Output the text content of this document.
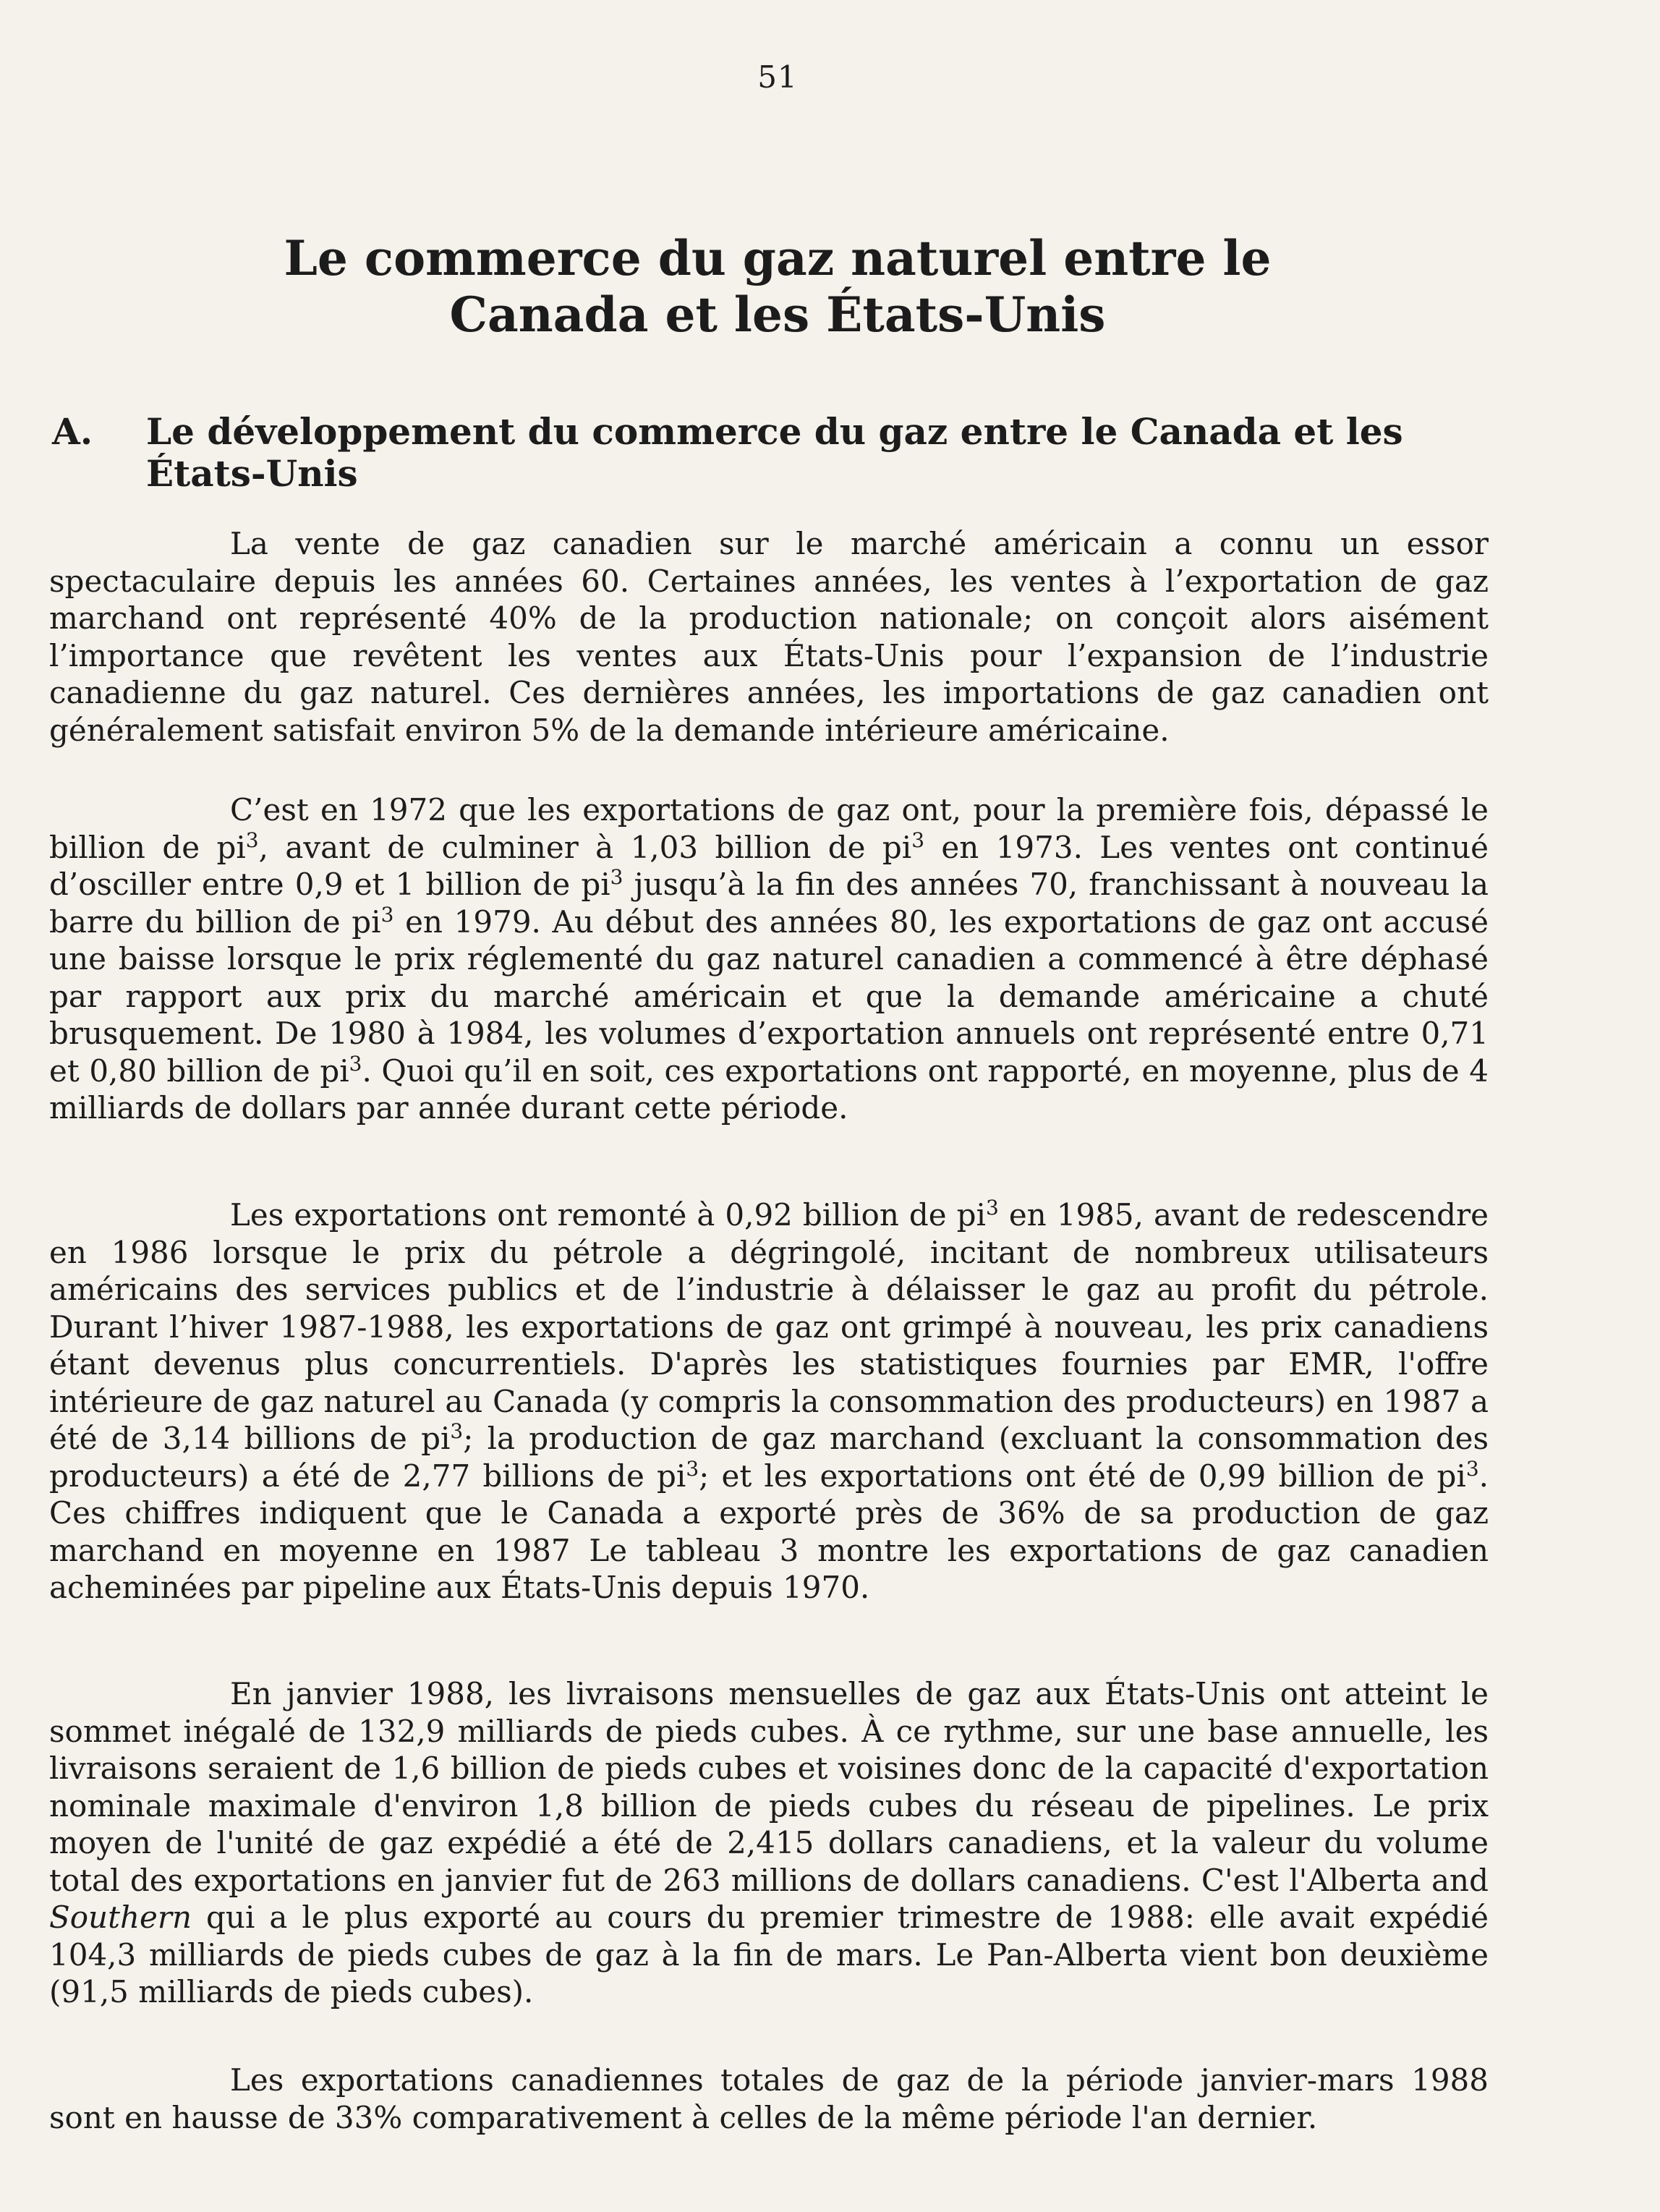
51
Le commerce du gaz naturel entre le
Canada et les États-Unis
A.	Le développement du commerce du gaz entre le Canada et les États-Unis

La vente de gaz canadien sur le marché américain a connu un essor spectaculaire depuis les années 60. Certaines années, les ventes à l’exportation de gaz marchand ont représenté 40% de la production nationale; on conçoit alors aisément l’importance que revêtent les ventes aux États-Unis pour l’expansion de l’industrie canadienne du gaz naturel. Ces dernières années, les importations de gaz canadien ont généralement satisfait environ 5% de la demande intérieure américaine.

C’est en 1972 que les exportations de gaz ont, pour la première fois, dépassé le billion de $pi^3$, avant de culminer à 1,03 billion de $pi^3$ en 1973. Les ventes ont continué d’osciller entre 0,9 et 1 billion de $pi^3$ jusqu’à la fin des années 70, franchissant à nouveau la barre du billion de $pi^3$ en 1979. Au début des années 80, les exportations de gaz ont accusé une baisse lorsque le prix réglementé du gaz naturel canadien a commencé à être déphasé par rapport aux prix du marché américain et que la demande américaine a chuté brusquement. De 1980 à 1984, les volumes d’exportation annuels ont représenté entre 0,71 et 0,80 billion de $pi^3$. Quoi qu’il en soit, ces exportations ont rapporté, en moyenne, plus de 4 milliards de dollars par année durant cette période.

Les exportations ont remonté à 0,92 billion de $pi^3$ en 1985, avant de redescendre en 1986 lorsque le prix du pétrole a dégringolé, incitant de nombreux utilisateurs américains des services publics et de l’industrie à délaisser le gaz au profit du pétrole. Durant l’hiver 1987-1988, les exportations de gaz ont grimpé à nouveau, les prix canadiens étant devenus plus concurrentiels. D'après les statistiques fournies par EMR, l'offre intérieure de gaz naturel au Canada (y compris la consommation des producteurs) en 1987 a été de 3,14 billions de $pi^3$; la production de gaz marchand (excluant la consommation des producteurs) a été de 2,77 billions de $pi^3$; et les exportations ont été de 0,99 billion de $pi^3$. Ces chiffres indiquent que le Canada a exporté près de 36% de sa production de gaz marchand en moyenne en 1987 Le tableau 3 montre les exportations de gaz canadien acheminées par pipeline aux États-Unis depuis 1970.

En janvier 1988, les livraisons mensuelles de gaz aux États-Unis ont atteint le sommet inégalé de 132,9 milliards de pieds cubes. À ce rythme, sur une base annuelle, les livraisons seraient de 1,6 billion de pieds cubes et voisines donc de la capacité d'exportation nominale maximale d'environ 1,8 billion de pieds cubes du réseau de pipelines. Le prix moyen de l'unité de gaz expédié a été de 2,415 dollars canadiens, et la valeur du volume total des exportations en janvier fut de 263 millions de dollars canadiens. C'est l'Alberta and Southern qui a le plus exporté au cours du premier trimestre de 1988: elle avait expédié 104,3 milliards de pieds cubes de gaz à la fin de mars. Le Pan-Alberta vient bon deuxième (91,5 milliards de pieds cubes).

Les exportations canadiennes totales de gaz de la période janvier-mars 1988 sont en hausse de 33% comparativement à celles de la même période l'an dernier.
